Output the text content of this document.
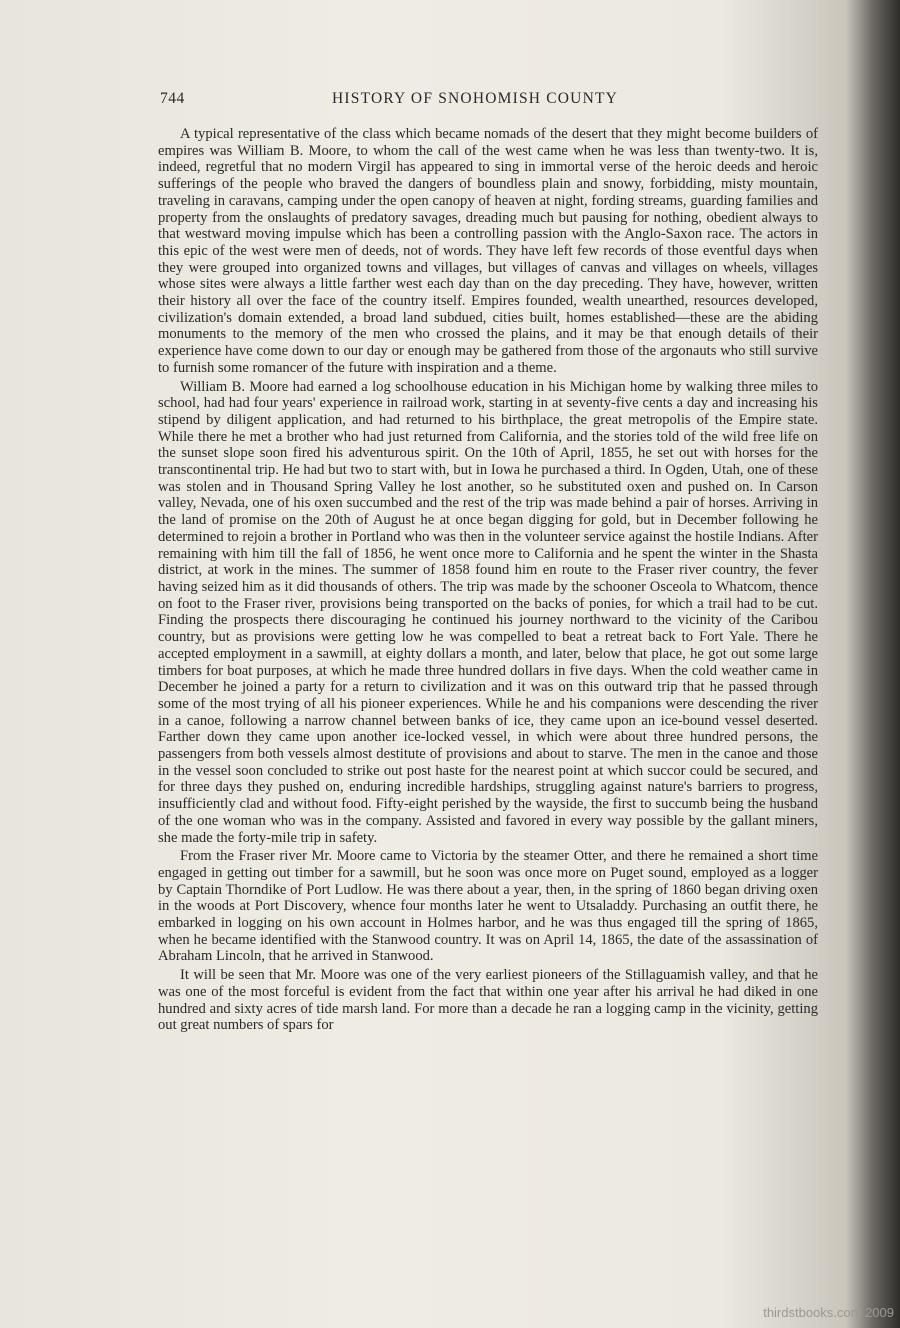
744	HISTORY OF SNOHOMISH COUNTY

A typical representative of the class which became nomads of the desert that they might become builders of empires was William B. Moore, to whom the call of the west came when he was less than twenty-two. It is, indeed, regretful that no modern Virgil has appeared to sing in immortal verse of the heroic deeds and heroic sufferings of the people who braved the dangers of boundless plain and snowy, forbidding, misty mountain, traveling in caravans, camping under the open canopy of heaven at night, fording streams, guarding families and property from the onslaughts of predatory savages, dreading much but pausing for nothing, obedient always to that westward moving impulse which has been a controlling passion with the Anglo-Saxon race. The actors in this epic of the west were men of deeds, not of words. They have left few records of those eventful days when they were grouped into organized towns and villages, but villages of canvas and villages on wheels, villages whose sites were always a little farther west each day than on the day preceding. They have, however, written their history all over the face of the country itself. Empires founded, wealth unearthed, resources developed, civilization's domain extended, a broad land subdued, cities built, homes established—these are the abiding monuments to the memory of the men who crossed the plains, and it may be that enough details of their experience have come down to our day or enough may be gathered from those of the argonauts who still survive to furnish some romancer of the future with inspiration and a theme.

William B. Moore had earned a log schoolhouse education in his Michigan home by walking three miles to school, had had four years' experience in railroad work, starting in at seventy-five cents a day and increasing his stipend by diligent application, and had returned to his birthplace, the great metropolis of the Empire state. While there he met a brother who had just returned from California, and the stories told of the wild free life on the sunset slope soon fired his adventurous spirit. On the 10th of April, 1855, he set out with horses for the transcontinental trip. He had but two to start with, but in Iowa he purchased a third. In Ogden, Utah, one of these was stolen and in Thousand Spring Valley he lost another, so he substituted oxen and pushed on. In Carson valley, Nevada, one of his oxen succumbed and the rest of the trip was made behind a pair of horses. Arriving in the land of promise on the 20th of August he at once began digging for gold, but in December following he determined to rejoin a brother in Portland who was then in the volunteer service against the hostile Indians. After remaining with him till the fall of 1856, he went once more to California and he spent the winter in the Shasta district, at work in the mines. The summer of 1858 found him en route to the Fraser river country, the fever having seized him as it did thousands of others. The trip was made by the schooner Osceola to Whatcom, thence on foot to the Fraser river, provisions being transported on the backs of ponies, for which a trail had to be cut. Finding the prospects there discouraging he continued his journey northward to the vicinity of the Caribou country, but as provisions were getting low he was compelled to beat a retreat back to Fort Yale. There he accepted employment in a sawmill, at eighty dollars a month, and later, below that place, he got out some large timbers for boat purposes, at which he made three hundred dollars in five days. When the cold weather came in December he joined a party for a return to civilization and it was on this outward trip that he passed through some of the most trying of all his pioneer experiences. While he and his companions were descending the river in a canoe, following a narrow channel between banks of ice, they came upon an ice-bound vessel deserted. Farther down they came upon another ice-locked vessel, in which were about three hundred persons, the passengers from both vessels almost destitute of provisions and about to starve. The men in the canoe and those in the vessel soon concluded to strike out post haste for the nearest point at which succor could be secured, and for three days they pushed on, enduring incredible hardships, struggling against nature's barriers to progress, insufficiently clad and without food. Fifty-eight perished by the wayside, the first to succumb being the husband of the one woman who was in the company. Assisted and favored in every way possible by the gallant miners, she made the forty-mile trip in safety.

From the Fraser river Mr. Moore came to Victoria by the steamer Otter, and there he remained a short time engaged in getting out timber for a sawmill, but he soon was once more on Puget sound, employed as a logger by Captain Thorndike of Port Ludlow. He was there about a year, then, in the spring of 1860 began driving oxen in the woods at Port Discovery, whence four months later he went to Utsaladdy. Purchasing an outfit there, he embarked in logging on his own account in Holmes harbor, and he was thus engaged till the spring of 1865, when he became identified with the Stanwood country. It was on April 14, 1865, the date of the assassination of Abraham Lincoln, that he arrived in Stanwood.

It will be seen that Mr. Moore was one of the very earliest pioneers of the Stillaguamish valley, and that he was one of the most forceful is evident from the fact that within one year after his arrival he had diked in one hundred and sixty acres of tide marsh land. For more than a decade he ran a logging camp in the vicinity, getting out great numbers of spars for

thirdstbooks.com 2009
